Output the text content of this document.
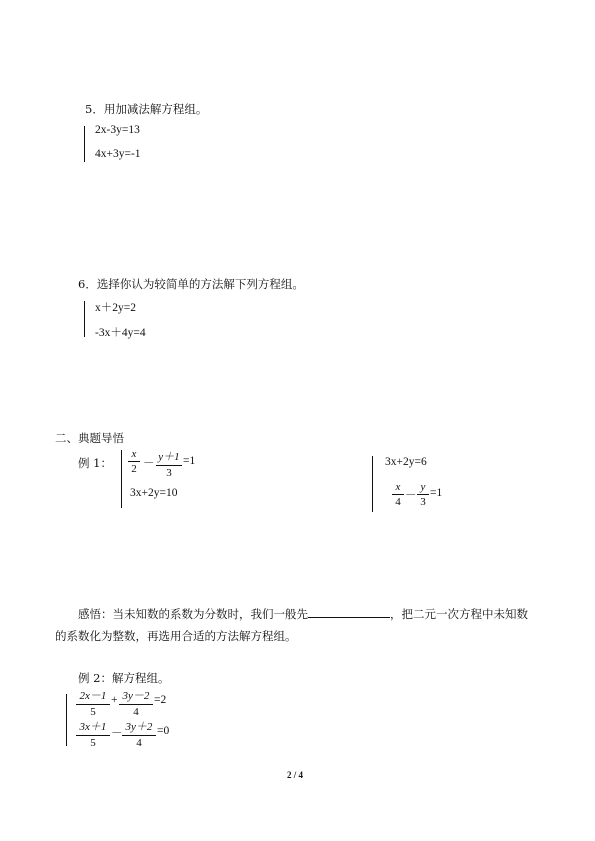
5．用加减法解方程组。
2x-3y=13
4x+3y=-1
6．选择你认为较简单的方法解下列方程组。
x＋2y=2
-3x＋4y=4
二、典题导悟
例 1：
x
2 －
y＋1
3
=1
3x+2y=10
3x+2y=6
x
4 －
y
3
=1
感悟：当未知数的系数为分数时，我们一般先	，把二元一次方程中未知数
的系数化为整数，再选用合适的方法解方程组。
例 2：解方程组。
2x－1
5
+ 3y－2
4
=2
3x＋1
5
－
3y＋2
4
=0
2 / 4
